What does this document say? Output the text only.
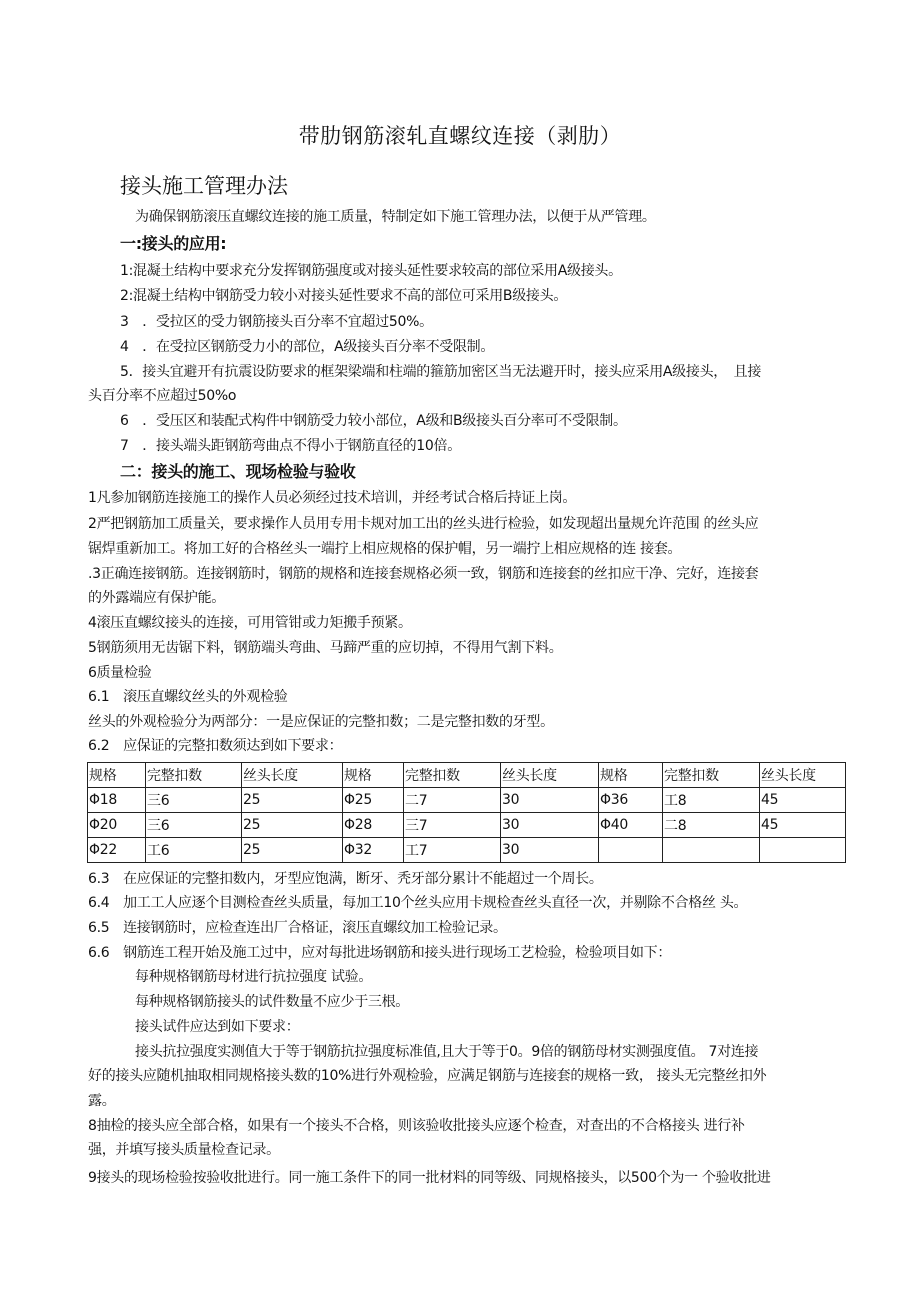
带肋钢筋滚轧直螺纹连接（剥肋）
接头施工管理办法
为确保钢筋滚压直螺纹连接的施工质量，特制定如下施工管理办法，以便于从严管理。
一:接头的应用:
1:混凝土结构中要求充分发挥钢筋强度或对接头延性要求较高的部位采用A级接头。
2:混凝土结构中钢筋受力较小对接头延性要求不高的部位可采用B级接头。
3　．受拉区的受力钢筋接头百分率不宜超过50%。
4　．在受拉区钢筋受力小的部位，A级接头百分率不受限制。
5．接头宜避开有抗震设防要求的框架梁端和柱端的箍筋加密区当无法避开时，接头应采用A级接头，　且接
头百分率不应超过50%o
6　．受压区和装配式构件中钢筋受力较小部位，A级和B级接头百分率可不受限制。
7　．接头端头距钢筋弯曲点不得小于钢筋直径的10倍。
二：接头的施工、现场检验与验收
1凡参加钢筋连接施工的操作人员必须经过技术培训，并经考试合格后持证上岗。
2严把钢筋加工质量关，要求操作人员用专用卡规对加工出的丝头进行检验，如发现超出量规允许范围 的丝头应
锯焊重新加工。将加工好的合格丝头一端拧上相应规格的保护帽，另一端拧上相应规格的连 接套。
.3正确连接钢筋。连接钢筋时，钢筋的规格和连接套规格必须一致，钢筋和连接套的丝扣应干净、完好，连接套
的外露端应有保护能。
4滚压直螺纹接头的连接，可用管钳或力矩搬手预紧。
5钢筋须用无齿锯下料，钢筋端头弯曲、马蹄严重的应切掉，不得用气割下料。
6质量检验
6.1　滚压直螺纹丝头的外观检验
丝头的外观检验分为两部分：一是应保证的完整扣数；二是完整扣数的牙型。
6.2　应保证的完整扣数须达到如下要求：
规格	完整扣数	丝头长度	规格	完整扣数	丝头长度	规格	完整扣数	丝头长度
Φ18	三6	25	Φ25	二7	30	Φ36	工8	45
Φ20	三6	25	Φ28	三7	30	Φ40	二8	45
Φ22	工6	25	Φ32	工7	30			
6.3　在应保证的完整扣数内，牙型应饱满，断牙、秃牙部分累计不能超过一个周长。
6.4　加工工人应逐个目测检查丝头质量，每加工10个丝头应用卡规检查丝头直径一次，并剔除不合格丝 头。
6.5　连接钢筋时，应检查连出厂合格证，滚压直螺纹加工检验记录。
6.6　钢筋连工程开始及施工过中，应对每批进场钢筋和接头进行现场工艺检验，检验项目如下：
每种规格钢筋母材进行抗拉强度 试验。
每种规格钢筋接头的试件数量不应少于三根。
接头试件应达到如下要求：
接头抗拉强度实测值大于等于钢筋抗拉强度标准值,且大于等于0。9倍的钢筋母材实测强度值。 7对连接
好的接头应随机抽取相同规格接头数的10%进行外观检验，应满足钢筋与连接套的规格一致， 接头无完整丝扣外
露。
8抽检的接头应全部合格，如果有一个接头不合格，则该验收批接头应逐个检查，对查出的不合格接头 进行补
强，并填写接头质量检查记录。
9接头的现场检验按验收批进行。同一施工条件下的同一批材料的同等级、同规格接头，以500个为一 个验收批进
